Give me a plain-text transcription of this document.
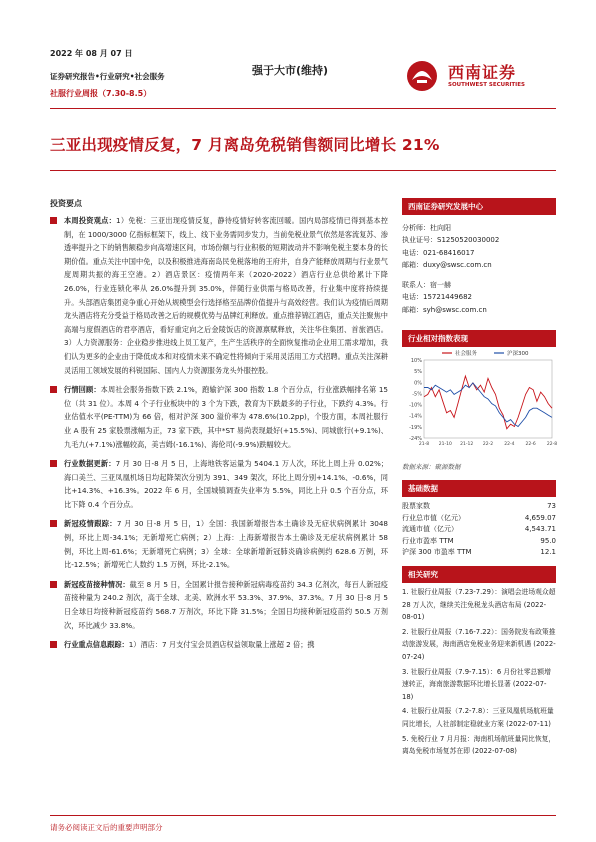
2022 年 08 月 07 日
证券研究报告•行业研究•社会服务
社服行业周报（7.30-8.5）
强于大市(维持)	西南证券
SOUTHWEST SECURITIES
三亚出现疫情反复，7 月离岛免税销售额同比增长 21%
投资要点
本周投资观点：1）免税：三亚出现疫情反复，静待疫情好转客流回暖。国内局部疫情已得到基本控制，在 1000/3000 亿指标框架下，线上、线下业务需同步发力，当前免税业景气依然是客流复苏、渗透率提升之下的销售额稳步向高增速区间，市场份额与行业积极的短期波动并不影响免税主要本身的长期价值。重点关注中国中免，以及积极推进海南岛民免税落地的王府井，自身产能释放周期与行业景气度周期共振的海王空港。2）酒店景区：疫情两年来（2020-2022）酒店行业总供给累计下降 26.0%，行业连锁化率从 26.0%提升到 35.0%，伴随行业供需与格局改善，行业集中度将持续提升。头部酒店集团竞争重心开始从规模型会行选择格至品牌价值提升与高效经营。我们认为疫情后周期龙头酒店将充分受益于格局改善之后的规模优势与品牌红利释放。重点推荐锦江酒店，重点关注聚焦中高端与度假酒店的君亭酒店，看好重定向之后金陵饭店的资源禀赋释放，关注华住集团、首旅酒店。3）人力资源服务：企业稳步推进线上员工复产，生产生活秩序的全面恢复推动企业用工需求增加，我们认为更多的企业由于降低成本和对疫情未来不确定性将倾向于采用灵活用工方式招聘。重点关注深耕灵活用工领域发展的科锐国际、国内人力资源服务龙头外服控股。
行情回顾：本周社会服务指数下跌 2.1%，跑输沪深 300 指数 1.8 个百分点，行业涨跌幅排名第 15 位（共 31 位）。本周 4 个子行业板块中的 3 个为下跌，教育为下跌最多的子行业，下跌约 4.3%。行业估值水平(PE-TTM)为 66 倍，相对沪深 300 溢价率为 478.6%(10.2pp)，个股方面，本周社服行业 A 股有 25 家股票涨幅为正，73 家下跌，其中*ST 易尚表现最好(+15.5%)、同城旅行(+9.1%)、九毛九(+7.1%)涨幅较高，美吉姆(-16.1%)、海伦司(-9.9%)跌幅较大。
行业数据更新：7 月 30 日-8 月 5 日，上海地铁客运量为 5404.1 万人次，环比上周上升 0.02%；海口美兰、三亚凤凰机场日均起降架次分别为 391、349 架次，环比上周分别+14.1%、-0.6%，同比+14.3%、+16.3%。2022 年 6 月，全国城镇调查失业率为 5.5%，同比上升 0.5 个百分点，环比下降 0.4 个百分点。
新冠疫情跟踪：7 月 30 日-8 月 5 日，1）全国：我国新增报告本土确诊及无症状病例累计 3048 例，环比上周-34.1%；无新增死亡病例；2）上海：上海新增报告本土确诊及无症状病例累计 58 例，环比上周-61.6%；无新增死亡病例；3）全球：全球新增新冠肺炎确诊病例约 628.6 万例，环比-12.5%；新增死亡人数约 1.5 万例，环比-2.1%。
新冠疫苗接种情况：截至 8 月 5 日，全国累计报告接种新冠病毒疫苗约 34.3 亿剂次，每百人新冠疫苗接种量为 240.2 剂次，高于全球、北美、欧洲水平 53.3%、37.9%、37.3%。7 月 30 日-8 月 5 日全球日均接种新冠疫苗约 568.7 万剂次，环比下降 31.5%；全国日均接种新冠疫苗约 50.5 万剂次，环比减少 33.8%。
行业重点信息跟踪：1）酒店：7 月支付宝会员酒店权益领取量上涨超 2 倍；携
西南证券研究发展中心
分析师：杜向阳
执业证号：S1250520030002
电话：021-68416017
邮箱：duxy@swsc.com.cn
联系人：宿一赫
电话：15721449682
邮箱：syh@swsc.com.cn
行业相对指数表现
10%
5%
0%
-5%
-10%
-14%
-19%
-24%
21-8 21-10 21-12 22-2 22-4 22-6 22-8
社会服务	沪深300
数据来源：聚源数据
基础数据
股票家数	73
行业总市值（亿元）	4,659.07
流通市值（亿元）	4,543.71
行业市盈率 TTM	95.0
沪深 300 市盈率 TTM	12.1
相关研究
1. 社服行业周报（7.23-7.29）：演唱会进场观众超 28 万人次，继续关注免税龙头酒店布局 (2022-08-01)
2. 社服行业周报（7.16-7.22）：国务院发布政策推动旅游发展，海南酒店免税业务迎来新机遇 (2022-07-24)
3. 社服行业周报（7.9-7.15）：6 月份社零总额增速转正，海南旅游数据环比增长显著 (2022-07-18)
4. 社服行业周报（7.2-7.8）：三亚凤凰机场航班量同比增长，人社部制定稳就业方案 (2022-07-11)
5. 免税行业 7 月月报：海南机场航班量同比恢复，离岛免税市场复苏在即 (2022-07-08)
请务必阅读正文后的重要声明部分
